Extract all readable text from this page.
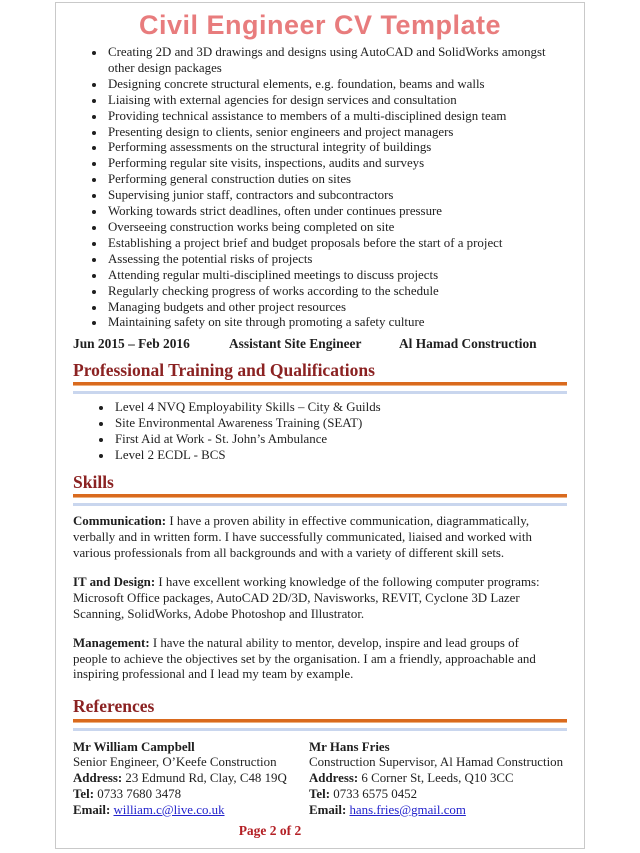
Civil Engineer CV Template
• Creating 2D and 3D drawings and designs using AutoCAD and SolidWorks amongst other design packages
• Designing concrete structural elements, e.g. foundation, beams and walls
• Liaising with external agencies for design services and consultation
• Providing technical assistance to members of a multi-disciplined design team
• Presenting design to clients, senior engineers and project managers
• Performing assessments on the structural integrity of buildings
• Performing regular site visits, inspections, audits and surveys
• Performing general construction duties on sites
• Supervising junior staff, contractors and subcontractors
• Working towards strict deadlines, often under continues pressure
• Overseeing construction works being completed on site
• Establishing a project brief and budget proposals before the start of a project
• Assessing the potential risks of projects
• Attending regular multi-disciplined meetings to discuss projects
• Regularly checking progress of works according to the schedule
• Managing budgets and other project resources
• Maintaining safety on site through promoting a safety culture
Jun 2015 – Feb 2016	Assistant Site Engineer	Al Hamad Construction
Professional Training and Qualifications
• Level 4 NVQ Employability Skills – City & Guilds
• Site Environmental Awareness Training (SEAT)
• First Aid at Work - St. John’s Ambulance
• Level 2 ECDL - BCS
Skills

Communication: I have a proven ability in effective communication, diagrammatically, verbally and in written form. I have successfully communicated, liaised and worked with various professionals from all backgrounds and with a variety of different skill sets.

IT and Design: I have excellent working knowledge of the following computer programs: Microsoft Office packages, AutoCAD 2D/3D, Navisworks, REVIT, Cyclone 3D Lazer Scanning, SolidWorks, Adobe Photoshop and Illustrator.

Management: I have the natural ability to mentor, develop, inspire and lead groups of people to achieve the objectives set by the organisation. I am a friendly, approachable and inspiring professional and I lead my team by example.

References
Mr William Campbell
Senior Engineer, O’Keefe Construction
Address: 23 Edmund Rd, Clay, C48 19Q
Tel: 0733 7680 3478
Email: william.c@live.co.uk
Mr Hans Fries
Construction Supervisor, Al Hamad Construction
Address: 6 Corner St, Leeds, Q10 3CC
Tel: 0733 6575 0452
Email: hans.fries@gmail.com
Page 2 of 2
